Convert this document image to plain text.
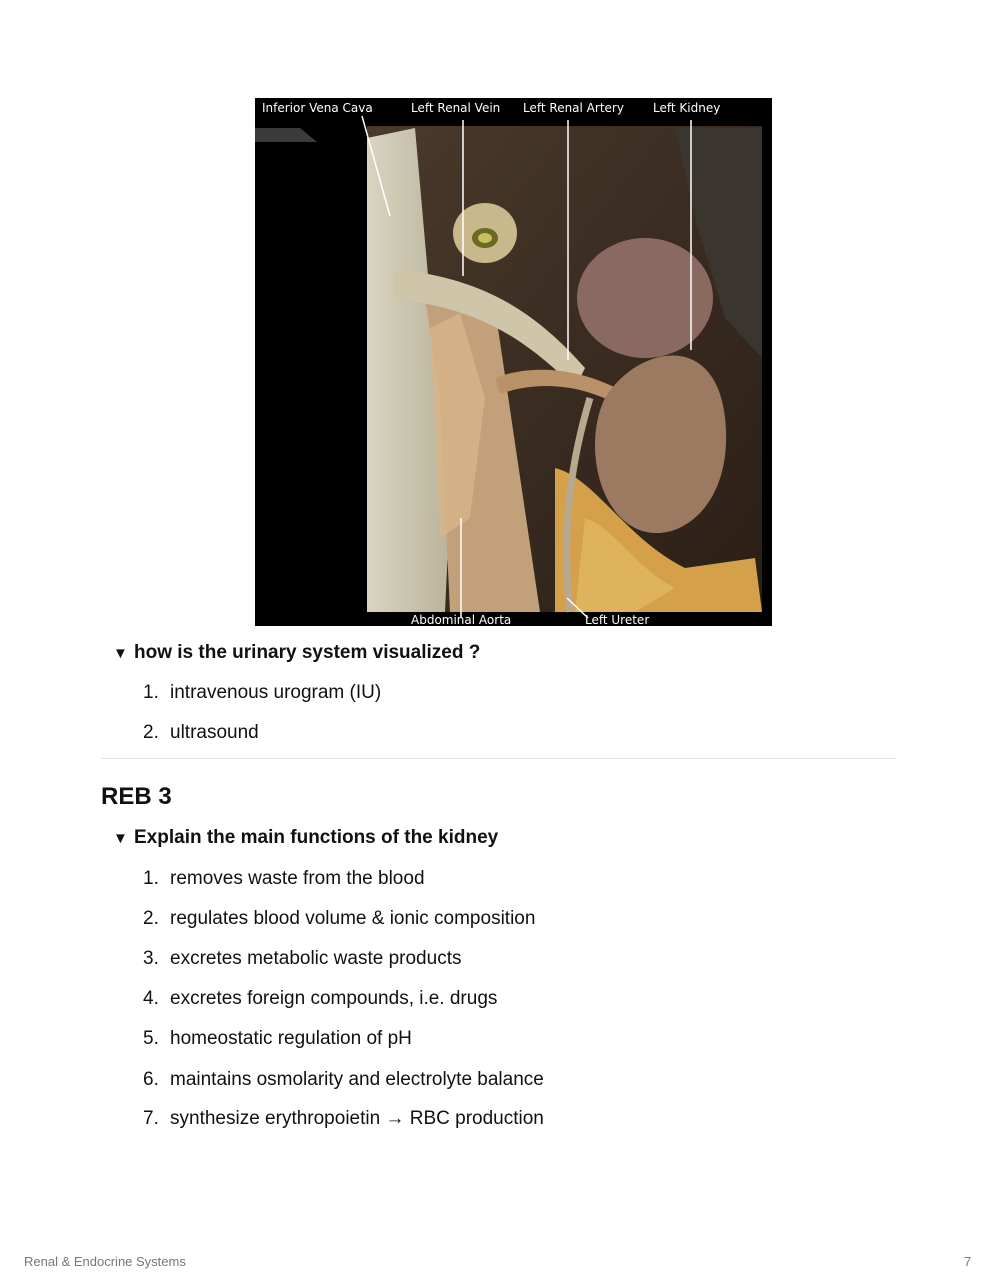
Inferior Vena Cava	Left Renal Vein Left Renal Artery Left Kidney
Abdominal Aorta	Left Ureter
▼ how is the urinary system visualized ?
1. intravenous urogram (IU)
2. ultrasound
REB 3
▼ Explain the main functions of the kidney
1. removes waste from the blood
2. regulates blood volume & ionic composition
3. excretes metabolic waste products
4. excretes foreign compounds, i.e. drugs
5. homeostatic regulation of pH
6. maintains osmolarity and electrolyte balance
7. synthesize erythropoietin → RBC production
Renal & Endocrine Systems	7
